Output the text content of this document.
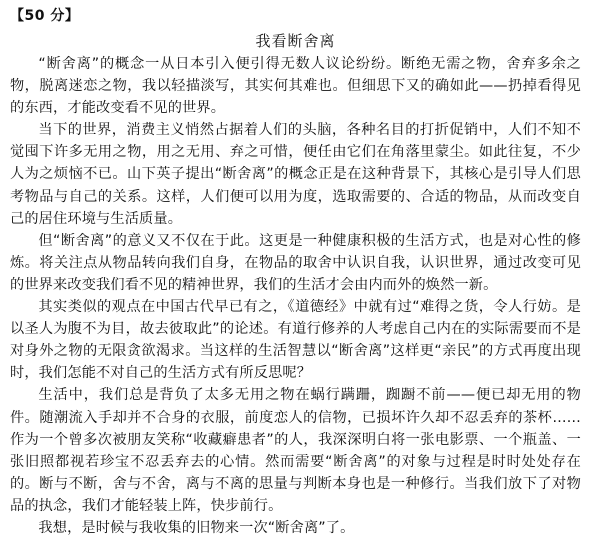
【50 分】
我看断舍离

“断舍离”的概念一从日本引入便引得无数人议论纷纷。断绝无需之物，舍弃多余之物，脱离迷恋之物，我以轻描淡写，其实何其难也。但细思下又的确如此——扔掉看得见的东西，才能改变看不见的世界。

当下的世界，消费主义悄然占据着人们的头脑，各种名目的打折促销中，人们不知不觉囤下许多无用之物，用之无用、弃之可惜，便任由它们在角落里蒙尘。如此往复，不少人为之烦恼不已。山下英子提出“断舍离”的概念正是在这种背景下，其核心是引导人们思考物品与自己的关系。这样，人们便可以用为度，选取需要的、合适的物品，从而改变自己的居住环境与生活质量。

但“断舍离”的意义又不仅在于此。这更是一种健康积极的生活方式，也是对心性的修炼。将关注点从物品转向我们自身，在物品的取舍中认识自我，认识世界，通过改变可见的世界来改变我们看不见的精神世界，我们的生活才会由内而外的焕然一新。

其实类似的观点在中国古代早已有之，《道德经》中就有过“难得之货，令人行妨。是以圣人为腹不为目，故去彼取此”的论述。有道行修养的人考虑自己内在的实际需要而不是对身外之物的无限贪欲渴求。当这样的生活智慧以“断舍离”这样更“亲民”的方式再度出现时，我们怎能不对自己的生活方式有所反思呢？

生活中，我们总是背负了太多无用之物在蜗行蹒跚，踟蹰不前——便已却无用的物件。随潮流入手却并不合身的衣服，前度恋人的信物，已损坏许久却不忍丢弃的茶杯……作为一个曾多次被朋友笑称“收藏癖患者”的人，我深深明白将一张电影票、一个瓶盖、一张旧照都视若珍宝不忍丢弃去的心情。然而需要“断舍离”的对象与过程是时时处处存在的。断与不断，舍与不舍，离与不离的思量与判断本身也是一种修行。当我们放下了对物品的执念，我们才能轻装上阵，快步前行。

我想，是时候与我收集的旧物来一次“断舍离”了。
